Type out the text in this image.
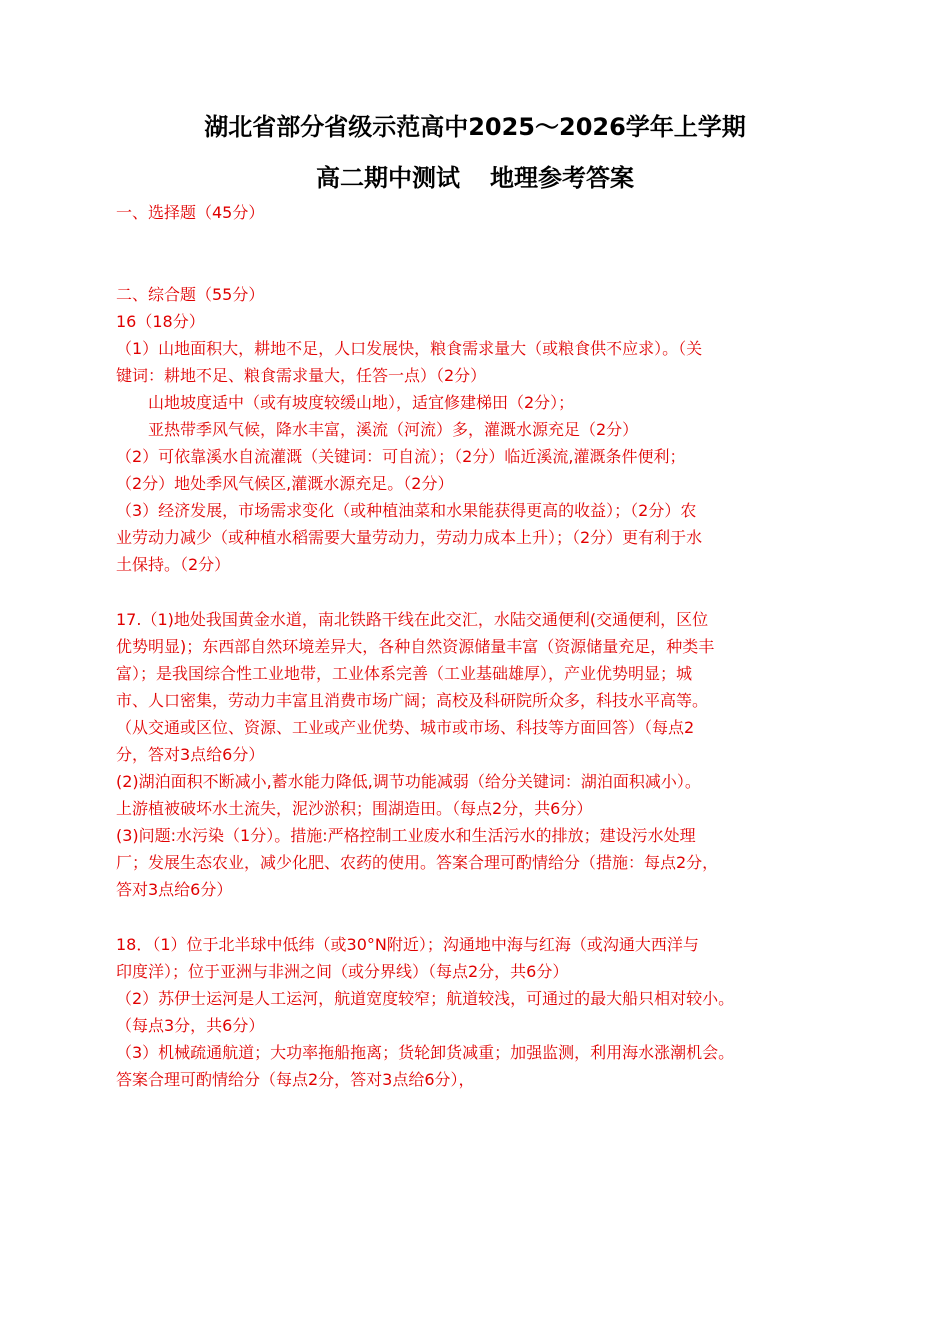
湖北省部分省级示范高中2025～2026学年上学期
高二期中测试 地理参考答案
一、选择题（45分）
二、综合题（55分）
16（18分）
（1）山地面积大，耕地不足，人口发展快，粮食需求量大（或粮食供不应求）。（关
键词：耕地不足、粮食需求量大，任答一点）（2分）
山地坡度适中（或有坡度较缓山地），适宜修建梯田（2分）；
亚热带季风气候，降水丰富，溪流（河流）多，灌溉水源充足（2分）
（2）可依靠溪水自流灌溉（关键词：可自流）；（2分）临近溪流,灌溉条件便利；
（2分）地处季风气候区,灌溉水源充足。（2分）
（3）经济发展，市场需求变化（或种植油菜和水果能获得更高的收益）；（2分）农
业劳动力减少（或种植水稻需要大量劳动力，劳动力成本上升）；（2分）更有利于水
土保持。（2分）
17.（1)地处我国黄金水道，南北铁路干线在此交汇，水陆交通便利(交通便利，区位
优势明显)；东西部自然环境差异大，各种自然资源储量丰富（资源储量充足，种类丰
富）；是我国综合性工业地带，工业体系完善（工业基础雄厚），产业优势明显；城
市、人口密集，劳动力丰富且消费市场广阔；高校及科研院所众多，科技水平高等。
（从交通或区位、资源、工业或产业优势、城市或市场、科技等方面回答）（每点2
分，答对3点给6分）
(2)湖泊面积不断减小,蓄水能力降低,调节功能减弱（给分关键词：湖泊面积减小）。
上游植被破坏水土流失，泥沙淤积；围湖造田。（每点2分，共6分）
(3)问题:水污染（1分）。措施:严格控制工业废水和生活污水的排放；建设污水处理
厂；发展生态农业，减少化肥、农药的使用。答案合理可酌情给分（措施：每点2分，
答对3点给6分）
18．（1）位于北半球中低纬（或30°N附近）；沟通地中海与红海（或沟通大西洋与
印度洋）；位于亚洲与非洲之间（或分界线）（每点2分，共6分）
（2）苏伊士运河是人工运河，航道宽度较窄；航道较浅，可通过的最大船只相对较小。
（每点3分，共6分）
（3）机械疏通航道；大功率拖船拖离；货轮卸货减重；加强监测，利用海水涨潮机会。
答案合理可酌情给分（每点2分，答对3点给6分），
